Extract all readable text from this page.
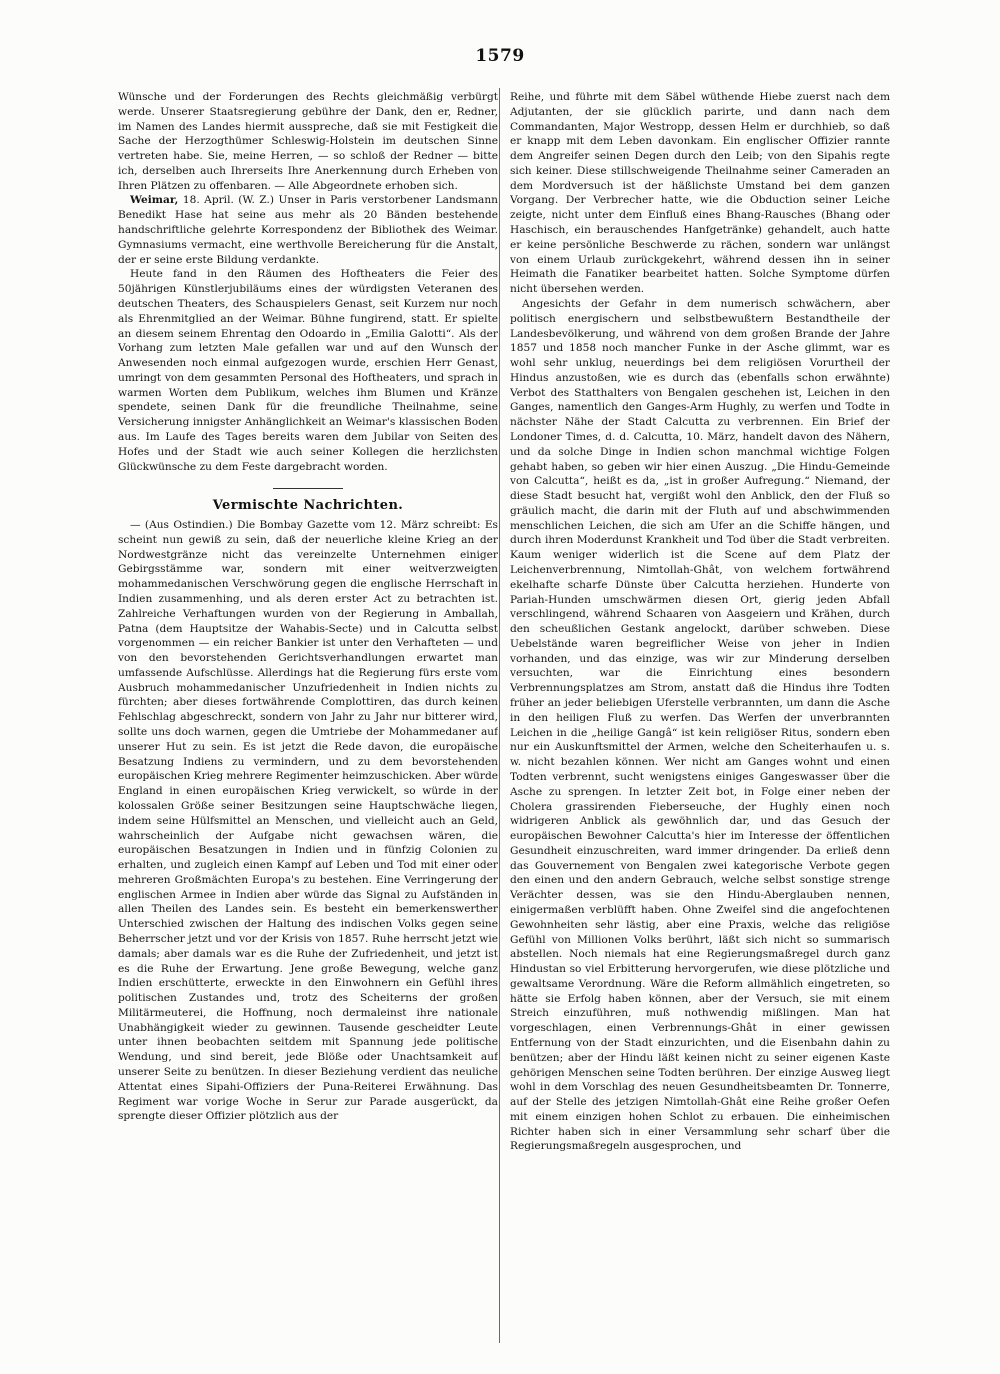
1579

Wünsche und der Forderungen des Rechts gleichmäßig verbürgt werde. Unserer Staatsregierung gebühre der Dank, den er, Redner, im Namen des Landes hiermit ausspreche, daß sie mit Festigkeit die Sache der Herzogthümer Schleswig-Holstein im deutschen Sinne vertreten habe. Sie, meine Herren, — so schloß der Redner — bitte ich, derselben auch Ihrerseits Ihre Anerkennung durch Erheben von Ihren Plätzen zu offenbaren. — Alle Abgeordnete erhoben sich.

Weimar, 18. April. (W. Z.) Unser in Paris verstorbener Landsmann Benedikt Hase hat seine aus mehr als 20 Bänden bestehende handschriftliche gelehrte Korrespondenz der Bibliothek des Weimar. Gymnasiums vermacht, eine werthvolle Bereicherung für die Anstalt, der er seine erste Bildung verdankte.

Heute fand in den Räumen des Hoftheaters die Feier des 50jährigen Künstlerjubiläums eines der würdigsten Veteranen des deutschen Theaters, des Schauspielers Genast, seit Kurzem nur noch als Ehrenmitglied an der Weimar. Bühne fungirend, statt. Er spielte an diesem seinem Ehrentag den Odoardo in „Emilia Galotti“. Als der Vorhang zum letzten Male gefallen war und auf den Wunsch der Anwesenden noch einmal aufgezogen wurde, erschien Herr Genast, umringt von dem gesammten Personal des Hoftheaters, und sprach in warmen Worten dem Publikum, welches ihm Blumen und Kränze spendete, seinen Dank für die freundliche Theilnahme, seine Versicherung innigster Anhänglichkeit an Weimar's klassischen Boden aus. Im Laufe des Tages bereits waren dem Jubilar von Seiten des Hofes und der Stadt wie auch seiner Kollegen die herzlichsten Glückwünsche zu dem Feste dargebracht worden.

Vermischte Nachrichten.

— (Aus Ostindien.) Die Bombay Gazette vom 12. März schreibt: Es scheint nun gewiß zu sein, daß der neuerliche kleine Krieg an der Nordwestgränze nicht das vereinzelte Unternehmen einiger Gebirgsstämme war, sondern mit einer weitverzweigten mohammedanischen Verschwörung gegen die englische Herrschaft in Indien zusammenhing, und als deren erster Act zu betrachten ist. Zahlreiche Verhaftungen wurden von der Regierung in Amballah, Patna (dem Hauptsitze der Wahabis-Secte) und in Calcutta selbst vorgenommen — ein reicher Bankier ist unter den Verhafteten — und von den bevorstehenden Gerichtsverhandlungen erwartet man umfassende Aufschlüsse. Allerdings hat die Regierung fürs erste vom Ausbruch mohammedanischer Unzufriedenheit in Indien nichts zu fürchten; aber dieses fortwährende Complottiren, das durch keinen Fehlschlag abgeschreckt, sondern von Jahr zu Jahr nur bitterer wird, sollte uns doch warnen, gegen die Umtriebe der Mohammedaner auf unserer Hut zu sein. Es ist jetzt die Rede davon, die europäische Besatzung Indiens zu vermindern, und zu dem bevorstehenden europäischen Krieg mehrere Regimenter heimzuschicken. Aber würde England in einen europäischen Krieg verwickelt, so würde in der kolossalen Größe seiner Besitzungen seine Hauptschwäche liegen, indem seine Hülfsmittel an Menschen, und vielleicht auch an Geld, wahrscheinlich der Aufgabe nicht gewachsen wären, die europäischen Besatzungen in Indien und in fünfzig Colonien zu erhalten, und zugleich einen Kampf auf Leben und Tod mit einer oder mehreren Großmächten Europa's zu bestehen. Eine Verringerung der englischen Armee in Indien aber würde das Signal zu Aufständen in allen Theilen des Landes sein. Es besteht ein bemerkenswerther Unterschied zwischen der Haltung des indischen Volks gegen seine Beherrscher jetzt und vor der Krisis von 1857. Ruhe herrscht jetzt wie damals; aber damals war es die Ruhe der Zufriedenheit, und jetzt ist es die Ruhe der Erwartung. Jene große Bewegung, welche ganz Indien erschütterte, erweckte in den Einwohnern ein Gefühl ihres politischen Zustandes und, trotz des Scheiterns der großen Militärmeuterei, die Hoffnung, noch dermaleinst ihre nationale Unabhängigkeit wieder zu gewinnen. Tausende gescheidter Leute unter ihnen beobachten seitdem mit Spannung jede politische Wendung, und sind bereit, jede Blöße oder Unachtsamkeit auf unserer Seite zu benützen. In dieser Beziehung verdient das neuliche Attentat eines Sipahi-Offiziers der Puna-Reiterei Erwähnung. Das Regiment war vorige Woche in Serur zur Parade ausgerückt, da sprengte dieser Offizier plötzlich aus der

Reihe, und führte mit dem Säbel wüthende Hiebe zuerst nach dem Adjutanten, der sie glücklich parirte, und dann nach dem Commandanten, Major Westropp, dessen Helm er durchhieb, so daß er knapp mit dem Leben davonkam. Ein englischer Offizier rannte dem Angreifer seinen Degen durch den Leib; von den Sipahis regte sich keiner. Diese stillschweigende Theilnahme seiner Cameraden an dem Mordversuch ist der häßlichste Umstand bei dem ganzen Vorgang. Der Verbrecher hatte, wie die Obduction seiner Leiche zeigte, nicht unter dem Einfluß eines Bhang-Rausches (Bhang oder Haschisch, ein berauschendes Hanfgetränke) gehandelt, auch hatte er keine persönliche Beschwerde zu rächen, sondern war unlängst von einem Urlaub zurückgekehrt, während dessen ihn in seiner Heimath die Fanatiker bearbeitet hatten. Solche Symptome dürfen nicht übersehen werden.

Angesichts der Gefahr in dem numerisch schwächern, aber politisch energischern und selbstbewußtern Bestandtheile der Landesbevölkerung, und während von dem großen Brande der Jahre 1857 und 1858 noch mancher Funke in der Asche glimmt, war es wohl sehr unklug, neuerdings bei dem religiösen Vorurtheil der Hindus anzustoßen, wie es durch das (ebenfalls schon erwähnte) Verbot des Statthalters von Bengalen geschehen ist, Leichen in den Ganges, namentlich den Ganges-Arm Hughly, zu werfen und Todte in nächster Nähe der Stadt Calcutta zu verbrennen. Ein Brief der Londoner Times, d. d. Calcutta, 10. März, handelt davon des Nähern, und da solche Dinge in Indien schon manchmal wichtige Folgen gehabt haben, so geben wir hier einen Auszug. „Die Hindu-Gemeinde von Calcutta“, heißt es da, „ist in großer Aufregung.“ Niemand, der diese Stadt besucht hat, vergißt wohl den Anblick, den der Fluß so gräulich macht, die darin mit der Fluth auf und abschwimmenden menschlichen Leichen, die sich am Ufer an die Schiffe hängen, und durch ihren Moderdunst Krankheit und Tod über die Stadt verbreiten. Kaum weniger widerlich ist die Scene auf dem Platz der Leichenverbrennung, Nimtollah-Ghât, von welchem fortwährend ekelhafte scharfe Dünste über Calcutta herziehen. Hunderte von Pariah-Hunden umschwärmen diesen Ort, gierig jeden Abfall verschlingend, während Schaaren von Aasgeiern und Krähen, durch den scheußlichen Gestank angelockt, darüber schweben. Diese Uebelstände waren begreiflicher Weise von jeher in Indien vorhanden, und das einzige, was wir zur Minderung derselben versuchten, war die Einrichtung eines besondern Verbrennungsplatzes am Strom, anstatt daß die Hindus ihre Todten früher an jeder beliebigen Uferstelle verbrannten, um dann die Asche in den heiligen Fluß zu werfen. Das Werfen der unverbrannten Leichen in die „heilige Gangâ“ ist kein religiöser Ritus, sondern eben nur ein Auskunftsmittel der Armen, welche den Scheiterhaufen u. s. w. nicht bezahlen können. Wer nicht am Ganges wohnt und einen Todten verbrennt, sucht wenigstens einiges Gangeswasser über die Asche zu sprengen. In letzter Zeit bot, in Folge einer neben der Cholera grassirenden Fieberseuche, der Hughly einen noch widrigeren Anblick als gewöhnlich dar, und das Gesuch der europäischen Bewohner Calcutta's hier im Interesse der öffentlichen Gesundheit einzuschreiten, ward immer dringender. Da erließ denn das Gouvernement von Bengalen zwei kategorische Verbote gegen den einen und den andern Gebrauch, welche selbst sonstige strenge Verächter dessen, was sie den Hindu-Aberglauben nennen, einigermaßen verblüfft haben. Ohne Zweifel sind die angefochtenen Gewohnheiten sehr lästig, aber eine Praxis, welche das religiöse Gefühl von Millionen Volks berührt, läßt sich nicht so summarisch abstellen. Noch niemals hat eine Regierungsmaßregel durch ganz Hindustan so viel Erbitterung hervorgerufen, wie diese plötzliche und gewaltsame Verordnung. Wäre die Reform allmählich eingetreten, so hätte sie Erfolg haben können, aber der Versuch, sie mit einem Streich einzuführen, muß nothwendig mißlingen. Man hat vorgeschlagen, einen Verbrennungs-Ghât in einer gewissen Entfernung von der Stadt einzurichten, und die Eisenbahn dahin zu benützen; aber der Hindu läßt keinen nicht zu seiner eigenen Kaste gehörigen Menschen seine Todten berühren. Der einzige Ausweg liegt wohl in dem Vorschlag des neuen Gesundheitsbeamten Dr. Tonnerre, auf der Stelle des jetzigen Nimtollah-Ghât eine Reihe großer Oefen mit einem einzigen hohen Schlot zu erbauen. Die einheimischen Richter haben sich in einer Versammlung sehr scharf über die Regierungsmaßregeln ausgesprochen, und
